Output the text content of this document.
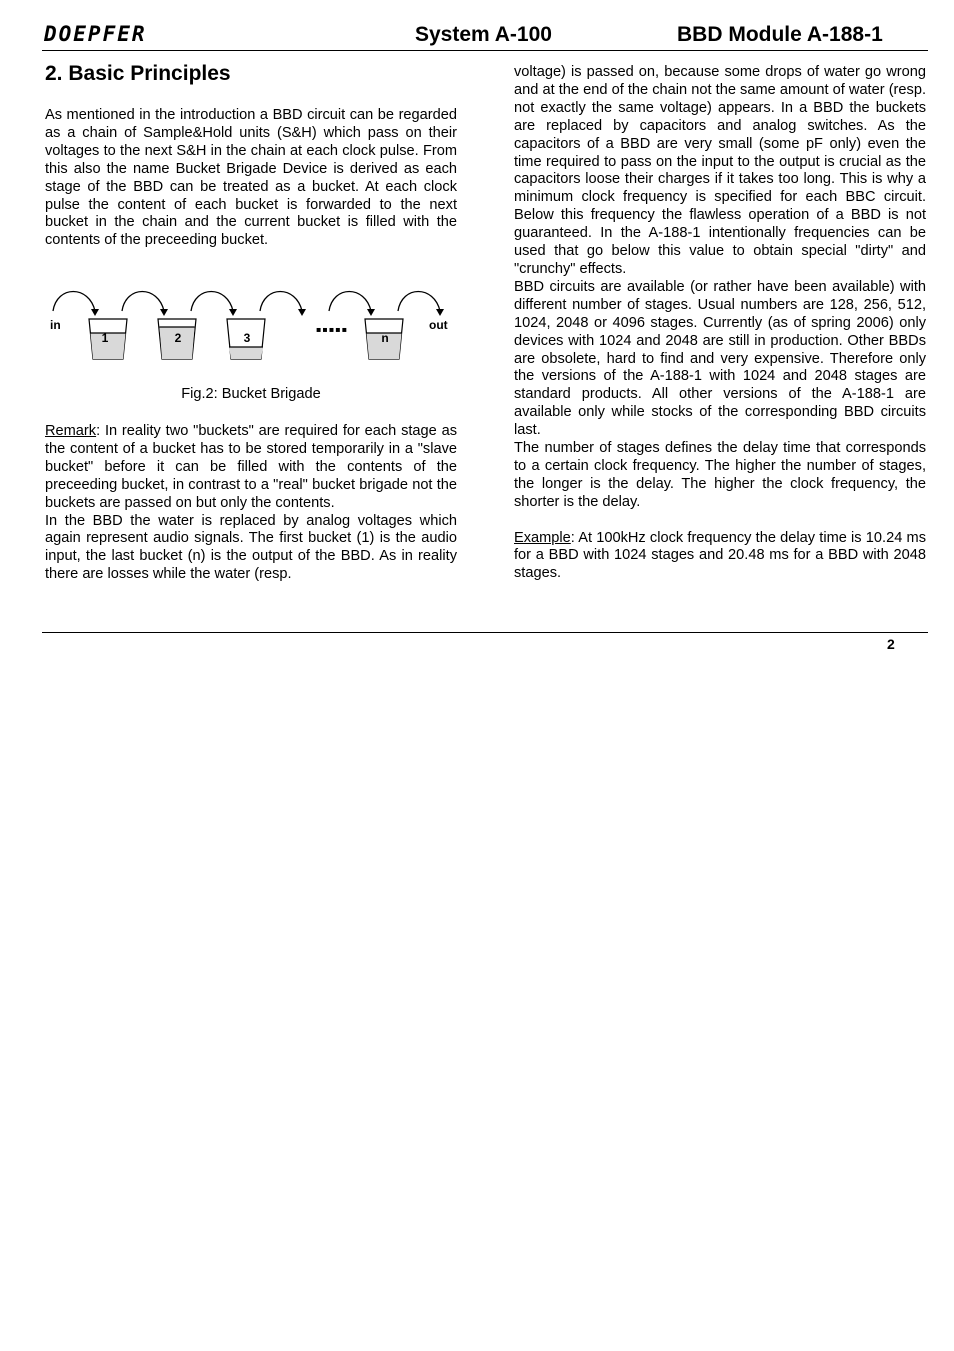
DOEPFER	System A-100	BBD Module A-188-1
2. Basic Principles

As mentioned in the introduction a BBD circuit can be regarded as a chain of Sample&Hold units (S&H) which pass on their voltages to the next S&H in the chain at each clock pulse. From this also the name Bucket Brigade Device is derived as each stage of the BBD can be treated as a bucket. At each clock pulse the content of each bucket is forwarded to the next bucket in the chain and the current bucket is filled with the contents of the preceeding bucket.

in	out
1	2	3
▪▪▪▪▪
n
Fig.2: Bucket Brigade

Remark: In reality two "buckets" are required for each stage as the content of a bucket has to be stored temporarily in a "slave bucket" before it can be filled with the contents of the preceeding bucket, in contrast to a "real" bucket brigade not the buckets are passed on but only the contents.

In the BBD the water is replaced by analog voltages which again represent audio signals. The first bucket (1) is the audio input, the last bucket (n) is the output of the BBD. As in reality there are losses while the water (resp.

voltage) is passed on, because some drops of water go wrong and at the end of the chain not the same amount of water (resp. not exactly the same voltage) appears. In a BBD the buckets are replaced by capacitors and analog switches. As the capacitors of a BBD are very small (some pF only) even the time required to pass on the input to the output is crucial as the capacitors loose their charges if it takes too long. This is why a minimum clock frequency is specified for each BBC circuit. Below this frequency the flawless operation of a BBD is not guaranteed. In the A-188-1 intentionally frequencies can be used that go below this value to obtain special "dirty" and "crunchy" effects.

BBD circuits are available (or rather have been available) with different number of stages. Usual numbers are 128, 256, 512, 1024, 2048 or 4096 stages. Currently (as of spring 2006) only devices with 1024 and 2048 are still in production. Other BBDs are obsolete, hard to find and very expensive. Therefore only the versions of the A-188-1 with 1024 and 2048 stages are standard products. All other versions of the A-188-1 are available only while stocks of the corresponding BBD circuits last.

The number of stages defines the delay time that corresponds to a certain clock frequency. The higher the number of stages, the longer is the delay. The higher the clock frequency, the shorter is the delay.

Example: At 100kHz clock frequency the delay time is 10.24 ms for a BBD with 1024 stages and 20.48 ms for a BBD with 2048 stages.

2
